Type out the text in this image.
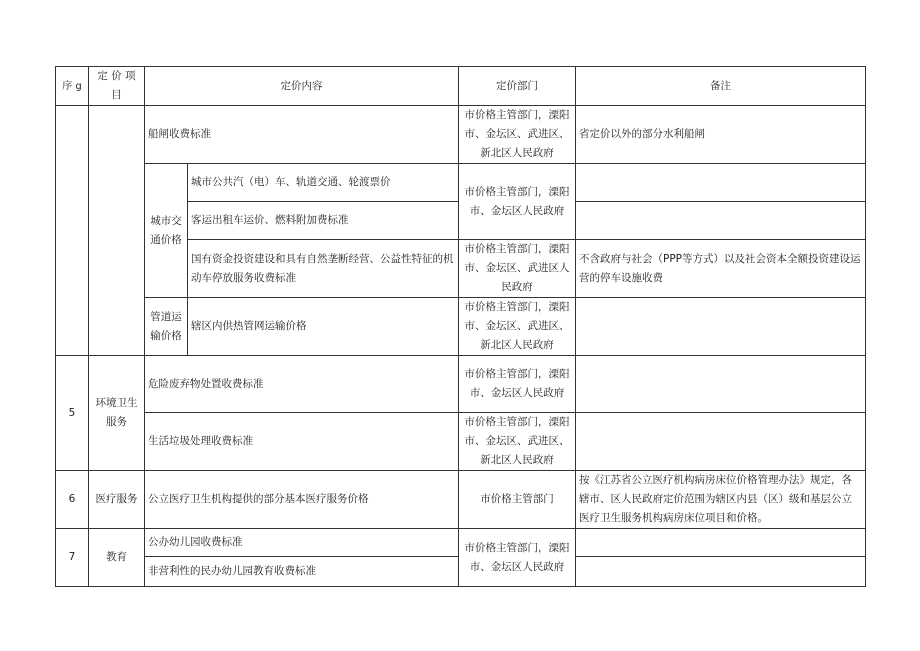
序 g	定 价 项 目	定价内容		定价部门	备注
		船闸收费标准		市价格主管部门，溧阳市、金坛区、武进区、新北区人民政府	省定价以外的部分水利船闸
		城市交通价格	城市公共汽（电）车、轨道交通、轮渡票价	市价格主管部门，溧阳市、金坛区人民政府	
			客运出租车运价、燃料附加费标准		
			国有资金投资建设和具有自然垄断经营、公益性特征的机动车停放服务收费标准	市价格主管部门，溧阳市、金坛区、武进区人民政府	不含政府与社会（PPP等方式）以及社会资本全额投资建设运营的停车设施收费
		管道运输价格	辖区内供热管网运输价格	市价格主管部门，溧阳市、金坛区、武进区、新北区人民政府	
5	环境卫生服务	危险废弃物处置收费标准		市价格主管部门，溧阳市、金坛区人民政府	
		生活垃圾处理收费标准		市价格主管部门，溧阳市、金坛区、武进区、新北区人民政府	
6	医疗服务	公立医疗卫生机构提供的部分基本医疗服务价格		市价格主管部门	按《江苏省公立医疗机构病房床位价格管理办法》规定，各辖市、区人民政府定价范围为辖区内县（区）级和基层公立医疗卫生服务机构病房床位项目和价格。
7	教育	公办幼儿园收费标准		市价格主管部门，溧阳市、金坛区人民政府	
		非营利性的民办幼儿园教育收费标准			
